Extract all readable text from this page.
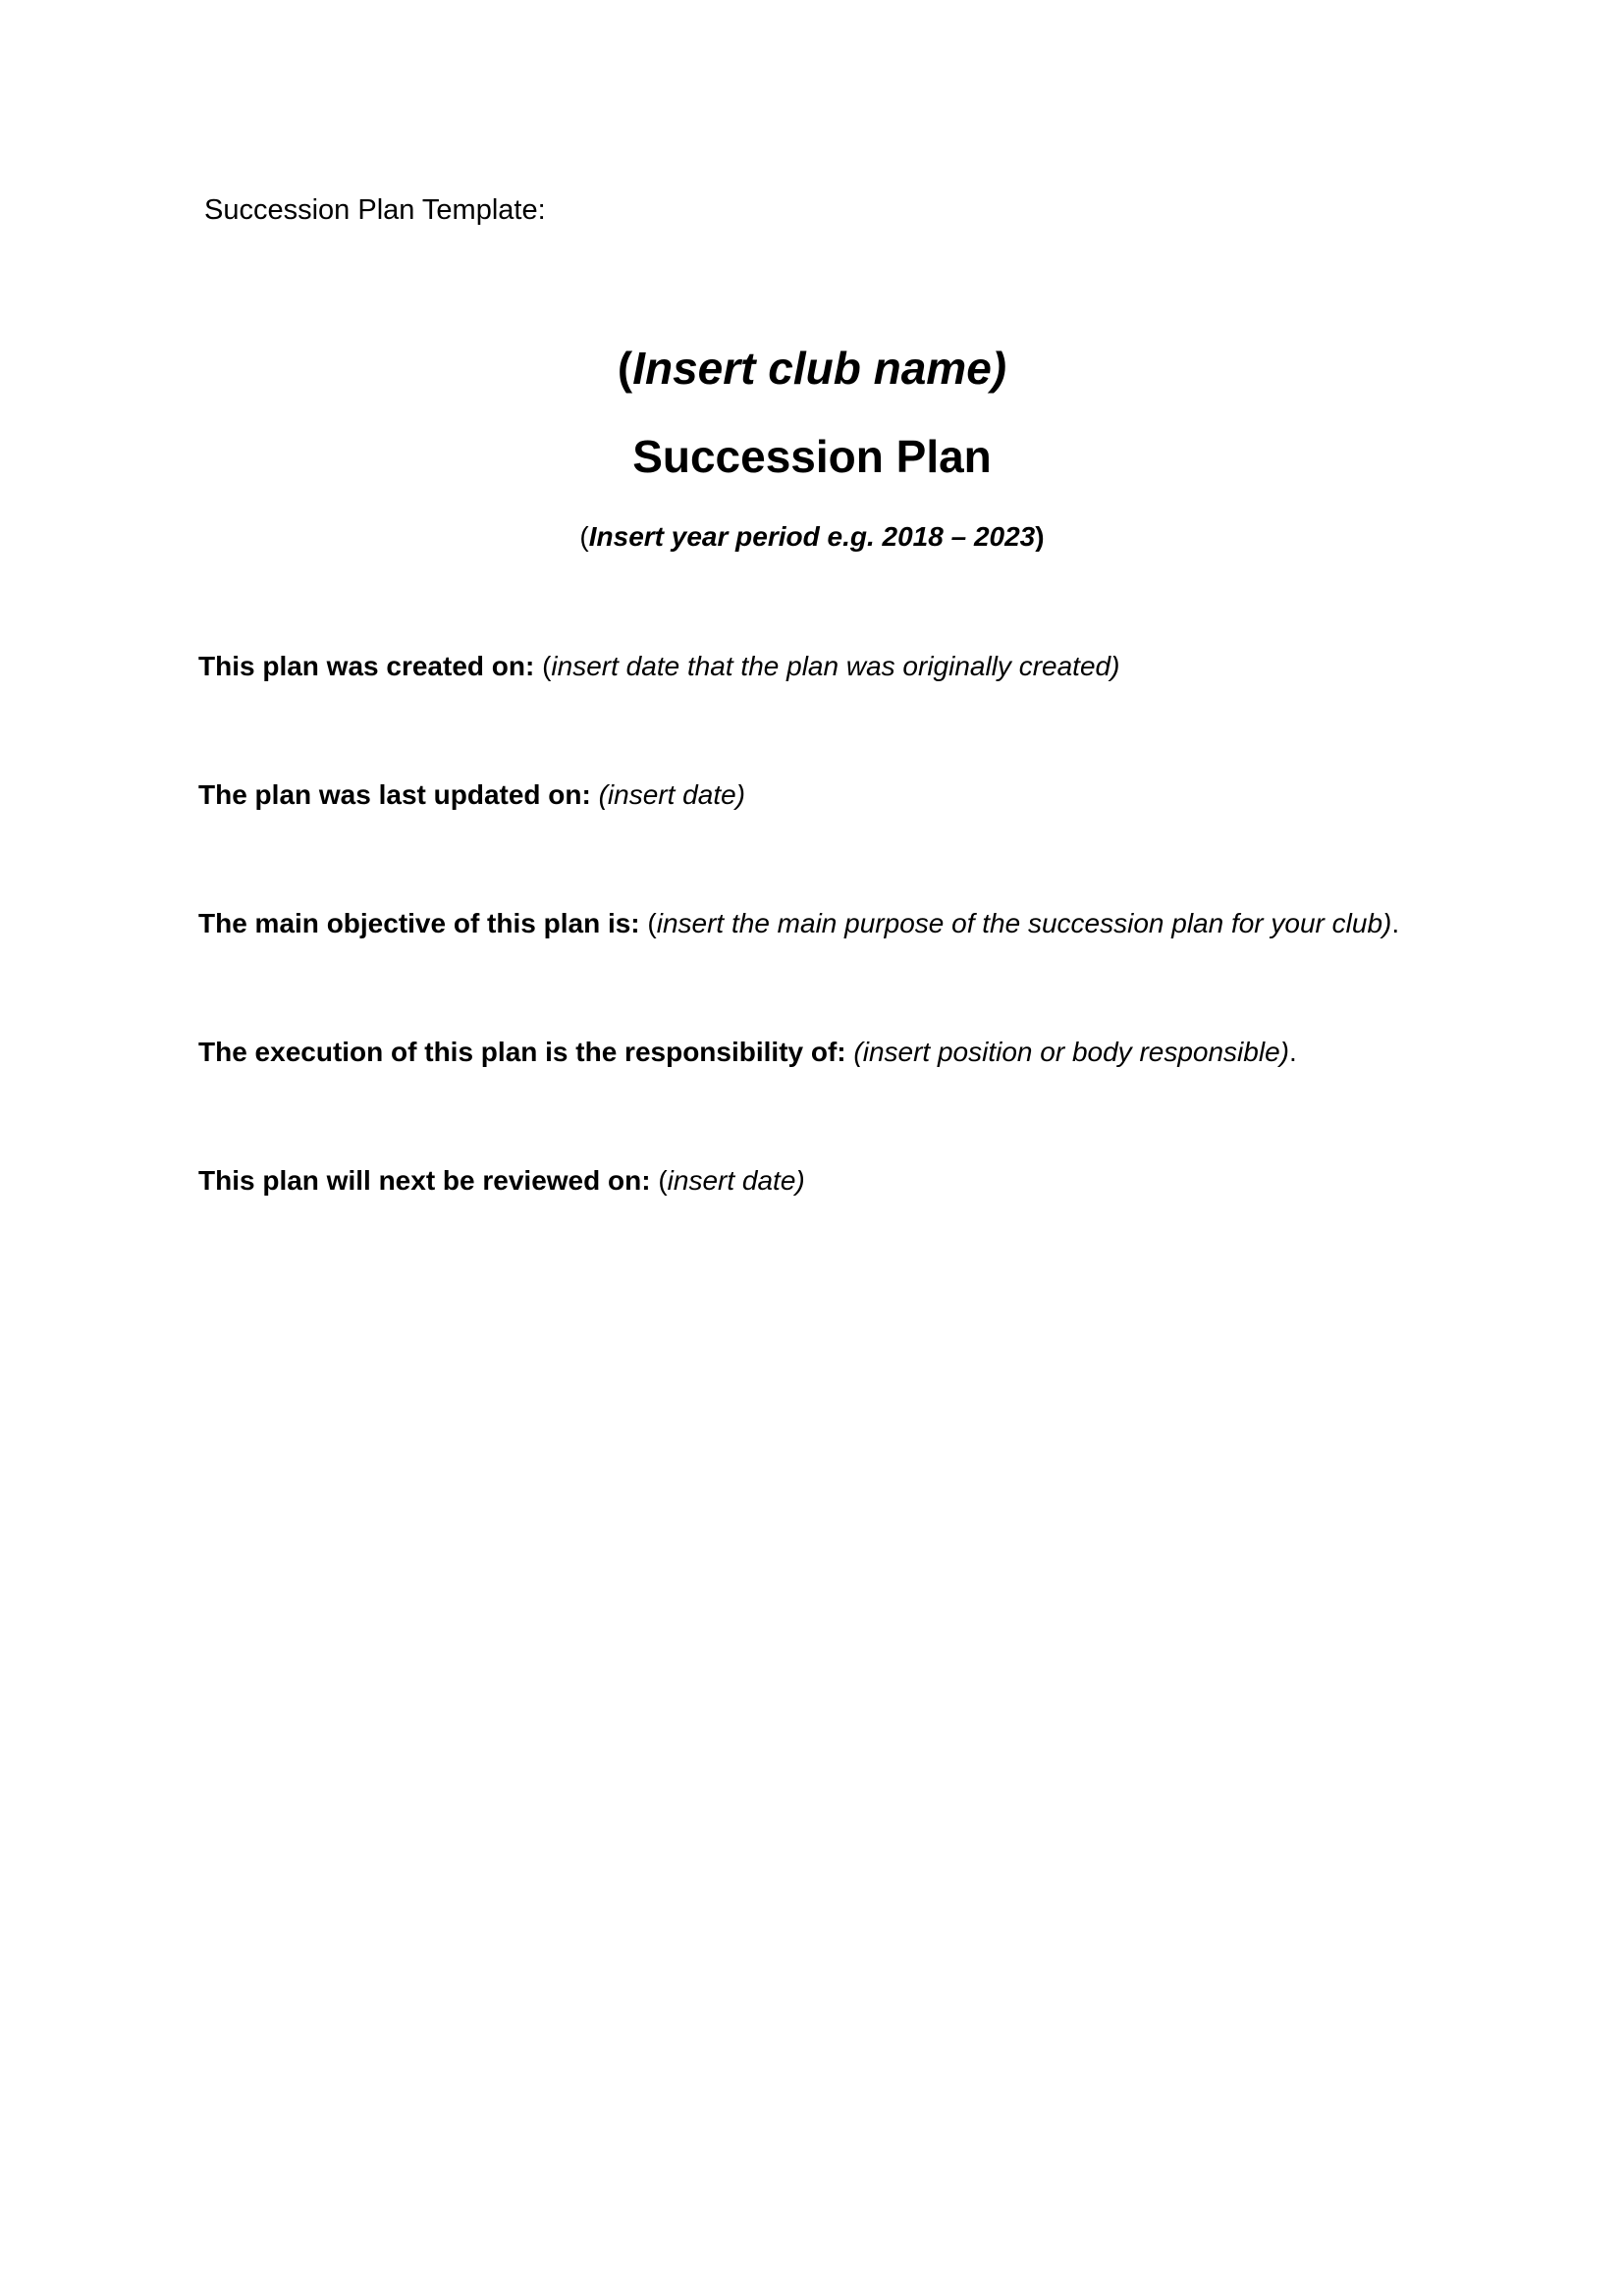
Succession Plan Template:
(Insert club name)
Succession Plan
(Insert year period e.g. 2018 – 2023)
This plan was created on: (insert date that the plan was originally created)
The plan was last updated on: (insert date)
The main objective of this plan is: (insert the main purpose of the succession plan for your club).
The execution of this plan is the responsibility of: (insert position or body responsible).
This plan will next be reviewed on: (insert date)
